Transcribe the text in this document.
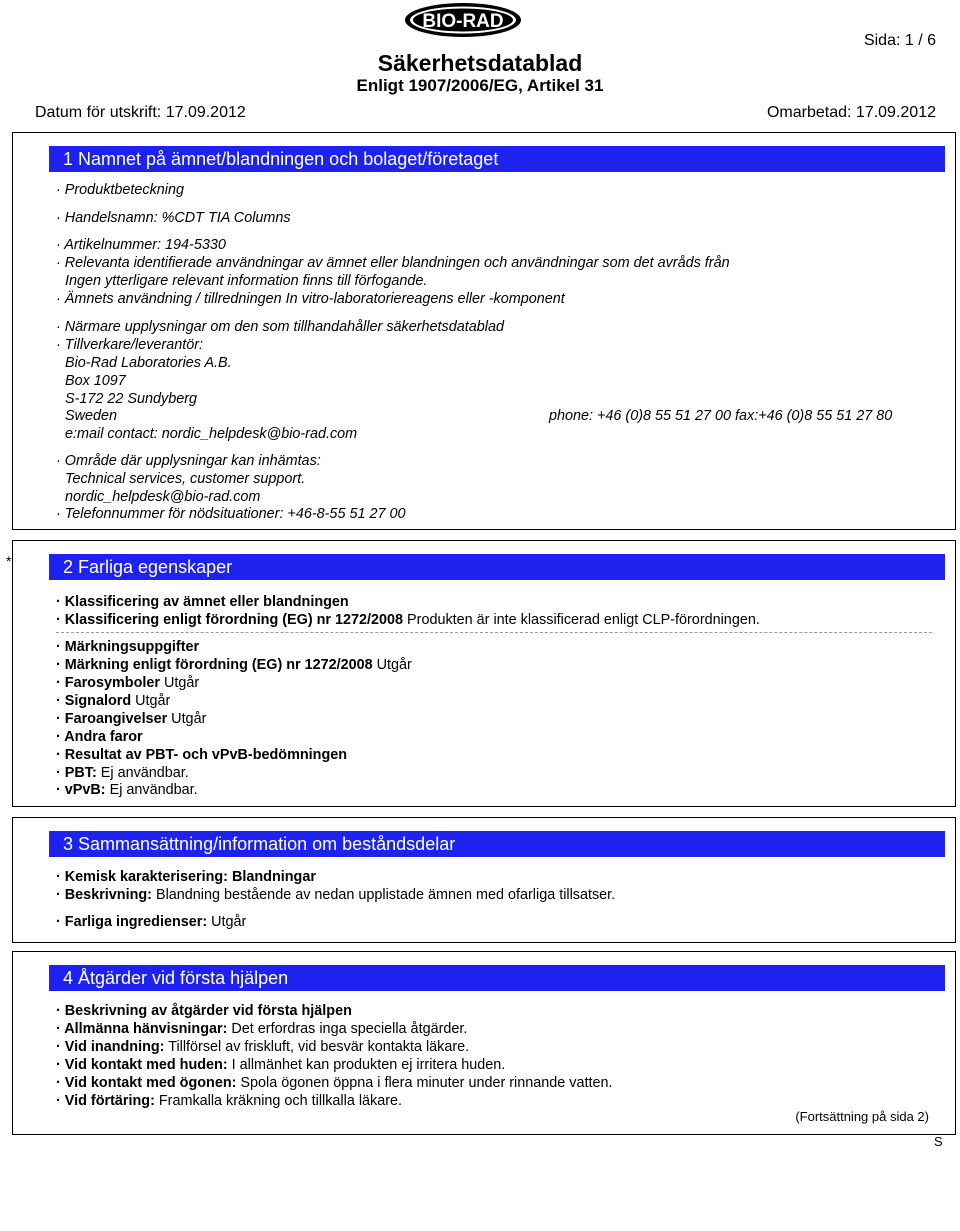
BIO-RAD
Sida: 1 / 6
Säkerhetsdatablad
Enligt 1907/2006/EG, Artikel 31
Datum för utskrift: 17.09.2012	Omarbetad: 17.09.2012
1 Namnet på ämnet/blandningen och bolaget/företaget
· Produktbeteckning
· Handelsnamn: %CDT TIA Columns
· Artikelnummer: 194-5330
· Relevanta identifierade användningar av ämnet eller blandningen och användningar som det avråds från
Ingen ytterligare relevant information finns till förfogande.
· Ämnets användning / tillredningen In vitro-laboratoriereagens eller -komponent
· Närmare upplysningar om den som tillhandahåller säkerhetsdatablad
· Tillverkare/leverantör:
Bio-Rad Laboratories A.B.
Box 1097
S-172 22 Sundyberg
Sweden	phone: +46 (0)8 55 51 27 00 fax:+46 (0)8 55 51 27 80
e:mail contact: nordic_helpdesk@bio-rad.com
· Område där upplysningar kan inhämtas:
Technical services, customer support.
nordic_helpdesk@bio-rad.com
· Telefonnummer för nödsituationer: +46-8-55 51 27 00
*	2 Farliga egenskaper
· Klassificering av ämnet eller blandningen
· Klassificering enligt förordning (EG) nr 1272/2008 Produkten är inte klassificerad enligt CLP-förordningen.
· Märkningsuppgifter
· Märkning enligt förordning (EG) nr 1272/2008 Utgår
· Farosymboler Utgår
· Signalord Utgår
· Faroangivelser Utgår
· Andra faror
· Resultat av PBT- och vPvB-bedömningen
· PBT: Ej användbar.
· vPvB: Ej användbar.
3 Sammansättning/information om beståndsdelar
· Kemisk karakterisering: Blandningar
· Beskrivning: Blandning bestående av nedan upplistade ämnen med ofarliga tillsatser.
· Farliga ingredienser: Utgår
4 Åtgärder vid första hjälpen
· Beskrivning av åtgärder vid första hjälpen
· Allmänna hänvisningar: Det erfordras inga speciella åtgärder.
· Vid inandning: Tillförsel av friskluft, vid besvär kontakta läkare.
· Vid kontakt med huden: I allmänhet kan produkten ej irritera huden.
· Vid kontakt med ögonen: Spola ögonen öppna i flera minuter under rinnande vatten.
· Vid förtäring: Framkalla kräkning och tillkalla läkare.
(Fortsättning på sida 2)
S
